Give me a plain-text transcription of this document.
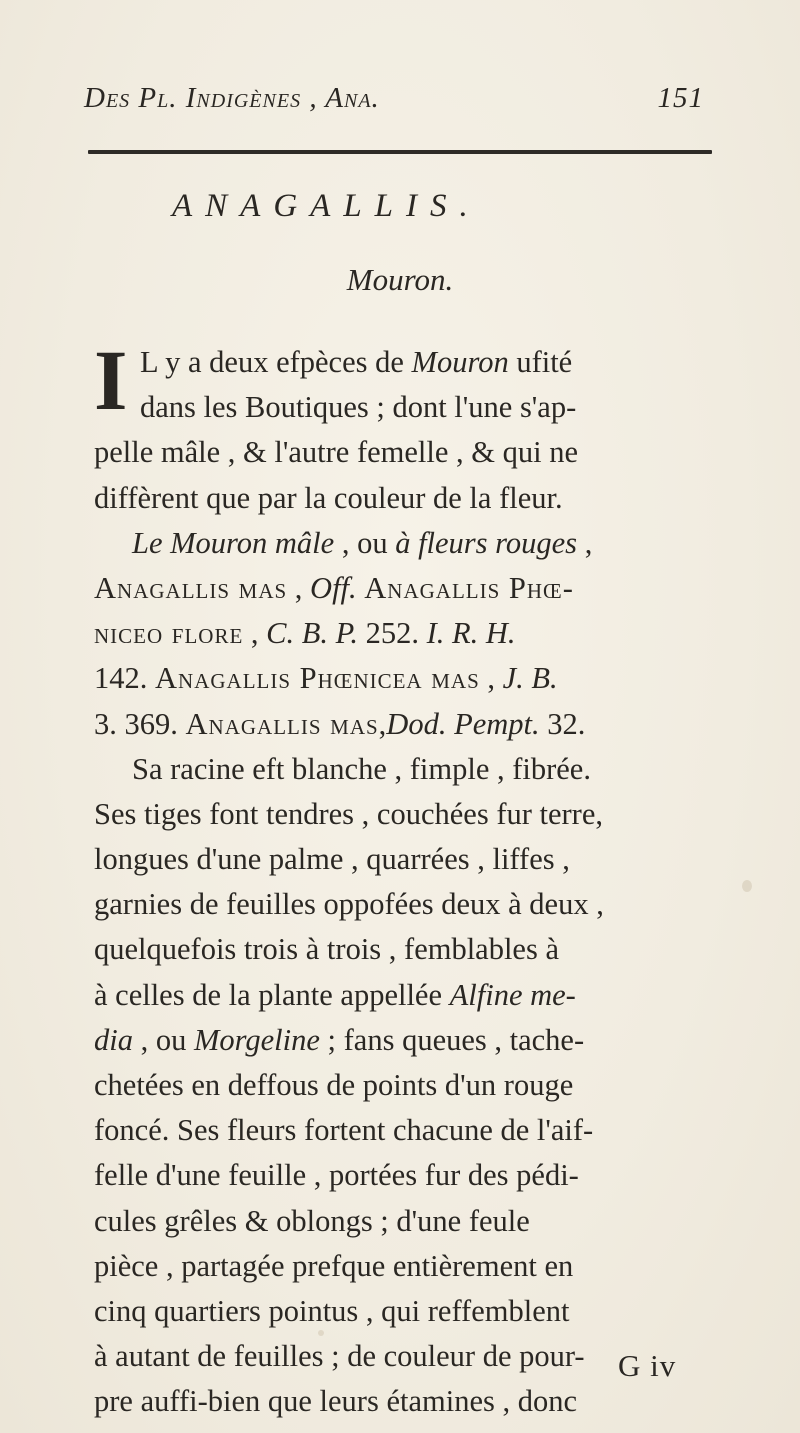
Des Pl. Indigènes , Ana.	151
ANAGALLIS.
Mouron.
I L y a deux efpèces de Mouron ufité
dans les Boutiques ; dont l'une s'ap-
pelle mâle , & l'autre femelle , & qui ne
diffèrent que par la couleur de la fleur.
Le Mouron mâle , ou à fleurs rouges ,
Anagallis mas , Off. Anagallis Phœ-
niceo flore , C. B. P. 252. I. R. H.
142. Anagallis Phœnicea mas , J. B.
3. 369. Anagallis mas,Dod. Pempt. 32.
Sa racine eft blanche , fimple , fibrée.
Ses tiges font tendres , couchées fur terre,
longues d'une palme , quarrées , liffes ,
garnies de feuilles oppofées deux à deux ,
quelquefois trois à trois , femblables à
à celles de la plante appellée Alfine me-
dia , ou Morgeline ; fans queues , tache-
chetées en deffous de points d'un rouge
foncé. Ses fleurs fortent chacune de l'aif-
felle d'une feuille , portées fur des pédi-
cules grêles & oblongs ; d'une feule
pièce , partagée prefque entièrement en
cinq quartiers pointus , qui reffemblent
à autant de feuilles ; de couleur de pour-
pre auffi-bien que leurs étamines , donc
G iv
